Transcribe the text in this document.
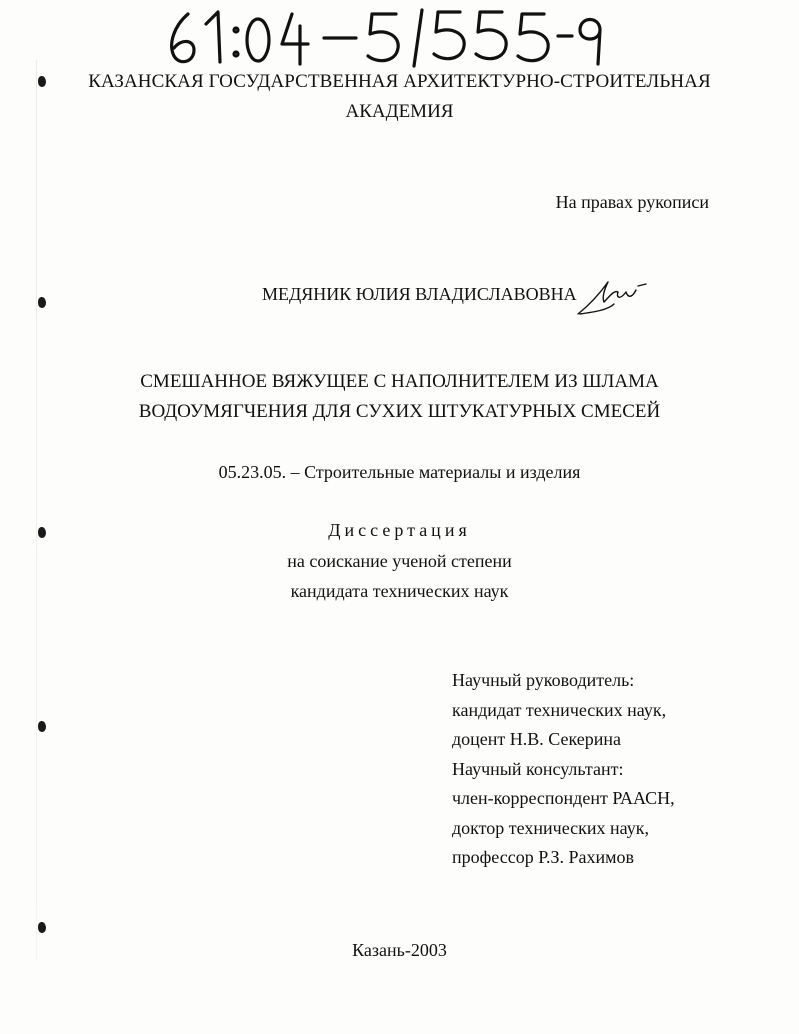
КАЗАНСКАЯ ГОСУДАРСТВЕННАЯ АРХИТЕКТУРНО-СТРОИТЕЛЬНАЯ
АКАДЕМИЯ
На правах рукописи
МЕДЯНИК ЮЛИЯ ВЛАДИСЛАВОВНА
СМЕШАННОЕ ВЯЖУЩЕЕ С НАПОЛНИТЕЛЕМ ИЗ ШЛАМА
ВОДОУМЯГЧЕНИЯ ДЛЯ СУХИХ ШТУКАТУРНЫХ СМЕСЕЙ
05.23.05. – Строительные материалы и изделия
Диссертация
на соискание ученой степени
кандидата технических наук
Научный руководитель:
кандидат технических наук,
доцент Н.В. Секерина
Научный консультант:
член-корреспондент РААСН,
доктор технических наук,
профессор Р.З. Рахимов
Казань-2003
